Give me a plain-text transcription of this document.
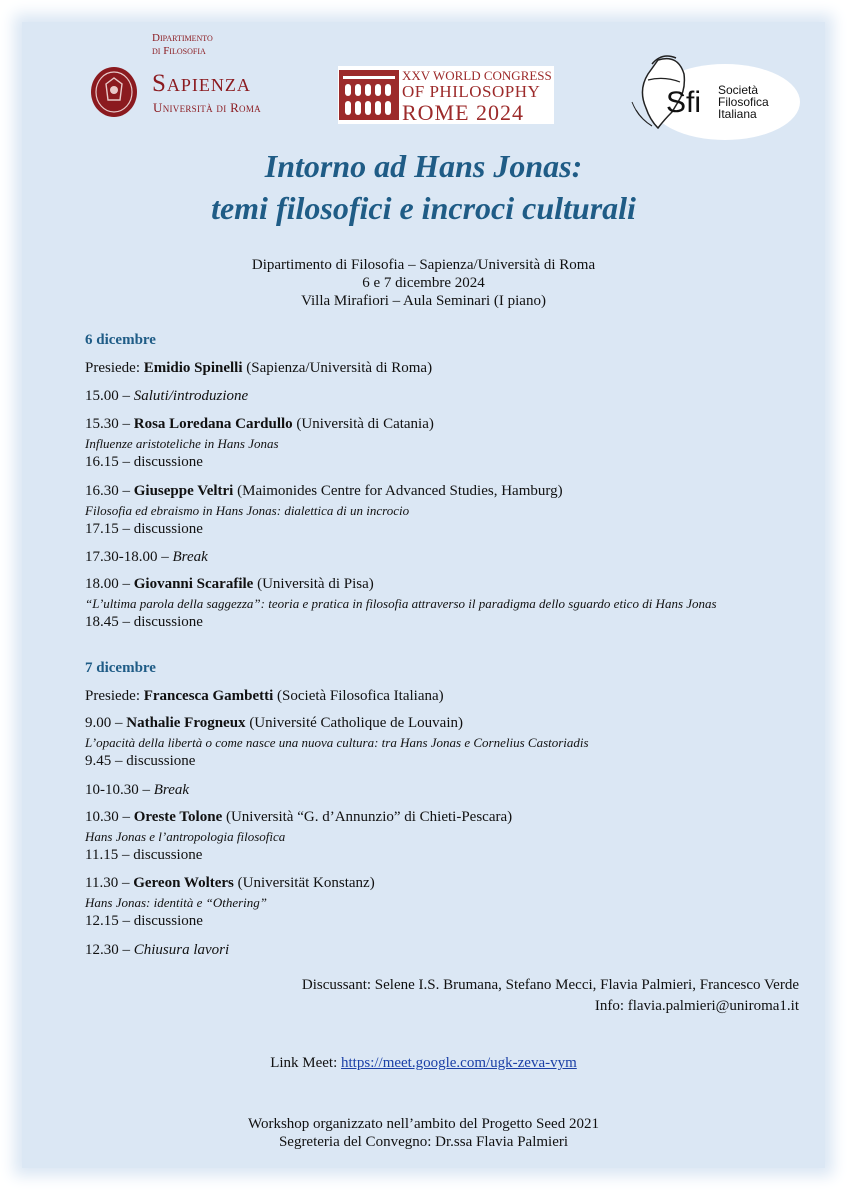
Dipartimento
di Filosofia
Sapienza
Università di Roma
XXV WORLD CONGRESS
OF PHILOSOPHY
ROME 2024	Sfi Società
Filosofica
Italiana
Intorno ad Hans Jonas:
temi filosofici e incroci culturali
Dipartimento di Filosofia – Sapienza/Università di Roma
6 e 7 dicembre 2024
Villa Mirafiori – Aula Seminari (I piano)
6 dicembre
Presiede: Emidio Spinelli (Sapienza/Università di Roma)
15.00 – Saluti/introduzione
15.30 – Rosa Loredana Cardullo (Università di Catania)
Influenze aristoteliche in Hans Jonas
16.15 – discussione
16.30 – Giuseppe Veltri (Maimonides Centre for Advanced Studies, Hamburg)
Filosofia ed ebraismo in Hans Jonas: dialettica di un incrocio
17.15 – discussione
17.30-18.00 – Break
18.00 – Giovanni Scarafile (Università di Pisa)
“L’ultima parola della saggezza”: teoria e pratica in filosofia attraverso il paradigma dello sguardo etico di Hans Jonas
18.45 – discussione
7 dicembre
Presiede: Francesca Gambetti (Società Filosofica Italiana)
9.00 – Nathalie Frogneux (Université Catholique de Louvain)
L’opacità della libertà o come nasce una nuova cultura: tra Hans Jonas e Cornelius Castoriadis
9.45 – discussione
10-10.30 – Break
10.30 – Oreste Tolone (Università “G. d’Annunzio” di Chieti-Pescara)
Hans Jonas e l’antropologia filosofica
11.15 – discussione
11.30 – Gereon Wolters (Universität Konstanz)
Hans Jonas: identità e “Othering”
12.15 – discussione
12.30 – Chiusura lavori
Discussant: Selene I.S. Brumana, Stefano Mecci, Flavia Palmieri, Francesco Verde
Info: flavia.palmieri@uniroma1.it
Link Meet: https://meet.google.com/ugk-zeva-vym
Workshop organizzato nell’ambito del Progetto Seed 2021
Segreteria del Convegno: Dr.ssa Flavia Palmieri
